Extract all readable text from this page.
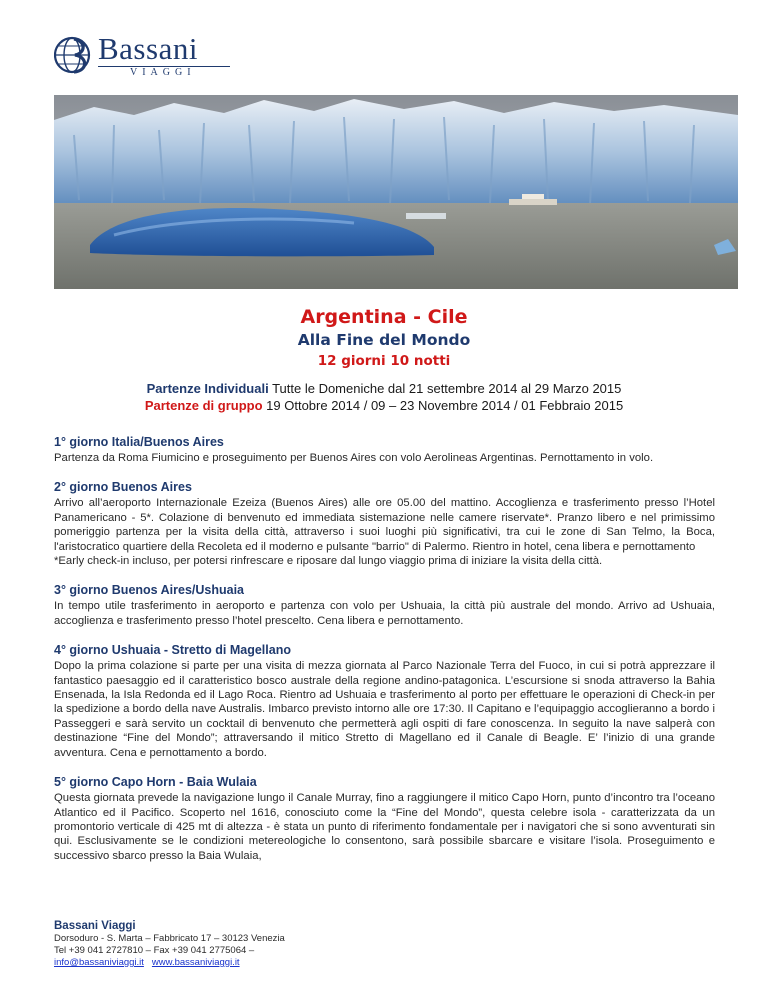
Bassani
VIAGGI
Argentina - Cile
Alla Fine del Mondo
12 giorni 10 notti
Partenze Individuali Tutte le Domeniche dal 21 settembre 2014 al 29 Marzo 2015
Partenze di gruppo 19 Ottobre 2014 / 09 – 23 Novembre 2014 / 01 Febbraio 2015
1° giorno Italia/Buenos Aires

Partenza da Roma Fiumicino e proseguimento per Buenos Aires con volo Aerolineas Argentinas. Pernottamento in volo.

2° giorno Buenos Aires

Arrivo all’aeroporto Internazionale Ezeiza (Buenos Aires) alle ore 05.00 del mattino. Accoglienza e trasferimento presso l’Hotel Panamericano - 5*. Colazione di benvenuto ed immediata sistemazione nelle camere riservate*. Pranzo libero e nel primissimo pomeriggio partenza per la visita della città, attraverso i suoi luoghi più significativi, tra cui le zone di San Telmo, la Boca, l'aristocratico quartiere della Recoleta ed il moderno e pulsante "barrio" di Palermo. Rientro in hotel, cena libera e pernottamento

*Early check-in incluso, per potersi rinfrescare e riposare dal lungo viaggio prima di iniziare la visita della città.

3° giorno Buenos Aires/Ushuaia

In tempo utile trasferimento in aeroporto e partenza con volo per Ushuaia, la città più australe del mondo. Arrivo ad Ushuaia, accoglienza e trasferimento presso l’hotel prescelto. Cena libera e pernottamento.

4° giorno Ushuaia - Stretto di Magellano

Dopo la prima colazione si parte per una visita di mezza giornata al Parco Nazionale Terra del Fuoco, in cui si potrà apprezzare il fantastico paesaggio ed il caratteristico bosco australe della regione andino-patagonica. L’escursione si snoda attraverso la Bahia Ensenada, la Isla Redonda ed il Lago Roca. Rientro ad Ushuaia e trasferimento al porto per effettuare le operazioni di Check-in per la spedizione a bordo della nave Australis. Imbarco previsto intorno alle ore 17:30. Il Capitano e l’equipaggio accoglieranno a bordo i Passeggeri e sarà servito un cocktail di benvenuto che permetterà agli ospiti di fare conoscenza. In seguito la nave salperà con destinazione “Fine del Mondo”; attraversando il mitico Stretto di Magellano ed il Canale di Beagle. E’ l’inizio di una grande avventura. Cena e pernottamento a bordo.

5° giorno Capo Horn - Baia Wulaia

Questa giornata prevede la navigazione lungo il Canale Murray, fino a raggiungere il mitico Capo Horn, punto d’incontro tra l’oceano Atlantico ed il Pacifico. Scoperto nel 1616, conosciuto come la “Fine del Mondo”, questa celebre isola - caratterizzata da un promontorio verticale di 425 mt di altezza - è stata un punto di riferimento fondamentale per i navigatori che si sono avventurati sin qui. Esclusivamente se le condizioni metereologiche lo consentono, sarà possibile sbarcare e visitare l’isola. Proseguimento e successivo sbarco presso la Baia Wulaia,

Bassani Viaggi
Dorsoduro - S. Marta – Fabbricato 17 – 30123 Venezia
Tel +39 041 2727810 – Fax +39 041 2775064 –
info@bassaniviaggi.it www.bassaniviaggi.it
